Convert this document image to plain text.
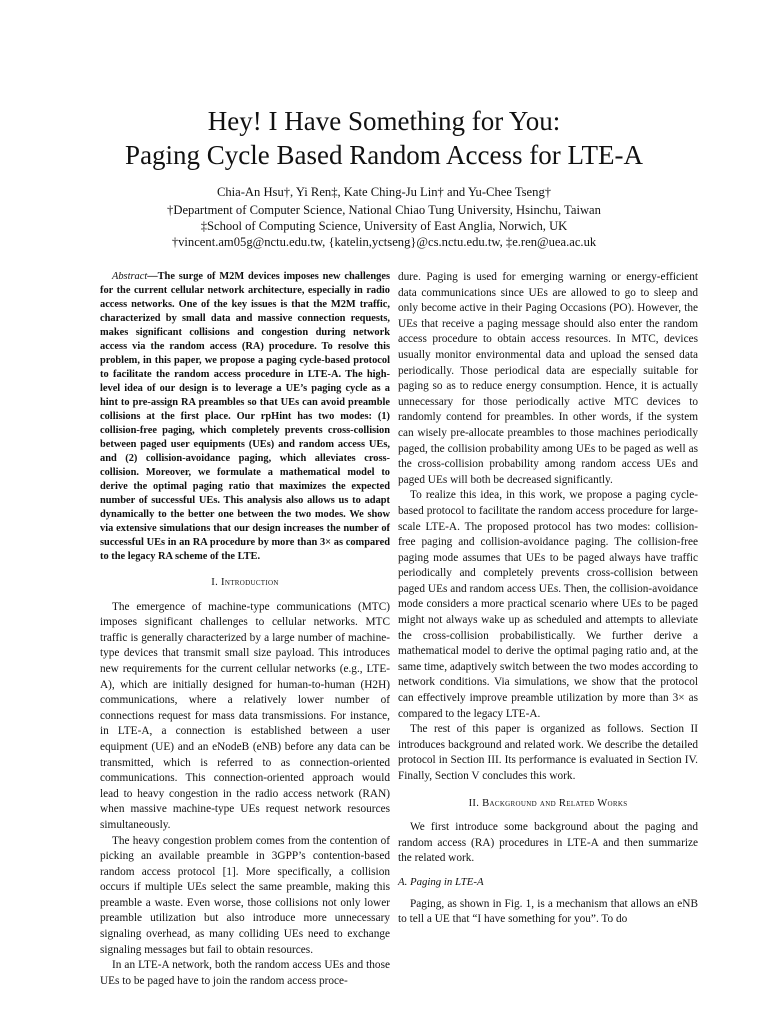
Hey! I Have Something for You:
Paging Cycle Based Random Access for LTE-A
Chia-An Hsu†, Yi Ren‡, Kate Ching-Ju Lin† and Yu-Chee Tseng†
†Department of Computer Science, National Chiao Tung University, Hsinchu, Taiwan
‡School of Computing Science, University of East Anglia, Norwich, UK
†vincent.am05g@nctu.edu.tw, {katelin,yctseng}@cs.nctu.edu.tw, ‡e.ren@uea.ac.uk

Abstract—The surge of M2M devices imposes new challenges for the current cellular network architecture, especially in radio access networks. One of the key issues is that the M2M traffic, characterized by small data and massive connection requests, makes significant collisions and congestion during network access via the random access (RA) procedure. To resolve this problem, in this paper, we propose a paging cycle-based protocol to facilitate the random access procedure in LTE-A. The high-level idea of our design is to leverage a UE’s paging cycle as a hint to pre-assign RA preambles so that UEs can avoid preamble collisions at the first place. Our rpHint has two modes: (1) collision-free paging, which completely prevents cross-collision between paged user equipments (UEs) and random access UEs, and (2) collision-avoidance paging, which alleviates cross-collision. Moreover, we formulate a mathematical model to derive the optimal paging ratio that maximizes the expected number of successful UEs. This analysis also allows us to adapt dynamically to the better one between the two modes. We show via extensive simulations that our design increases the number of successful UEs in an RA procedure by more than 3× as compared to the legacy RA scheme of the LTE.

I. Introduction

The emergence of machine-type communications (MTC) imposes significant challenges to cellular networks. MTC traffic is generally characterized by a large number of machine-type devices that transmit small size payload. This introduces new requirements for the current cellular networks (e.g., LTE-A), which are initially designed for human-to-human (H2H) communications, where a relatively lower number of connections request for mass data transmissions. For instance, in LTE-A, a connection is established between a user equipment (UE) and an eNodeB (eNB) before any data can be transmitted, which is referred to as connection-oriented communications. This connection-oriented approach would lead to heavy congestion in the radio access network (RAN) when massive machine-type UEs request network resources simultaneously.

The heavy congestion problem comes from the contention of picking an available preamble in 3GPP’s contention-based random access protocol [1]. More specifically, a collision occurs if multiple UEs select the same preamble, making this preamble a waste. Even worse, those collisions not only lower preamble utilization but also introduce more unnecessary signaling overhead, as many colliding UEs need to exchange signaling messages but fail to obtain resources.

In an LTE-A network, both the random access UEs and those UEs to be paged have to join the random access proce-

dure. Paging is used for emerging warning or energy-efficient data communications since UEs are allowed to go to sleep and only become active in their Paging Occasions (PO). However, the UEs that receive a paging message should also enter the random access procedure to obtain access resources. In MTC, devices usually monitor environmental data and upload the sensed data periodically. Those periodical data are especially suitable for paging so as to reduce energy consumption. Hence, it is actually unnecessary for those periodically active MTC devices to randomly contend for preambles. In other words, if the system can wisely pre-allocate preambles to those machines periodically paged, the collision probability among UEs to be paged as well as the cross-collision probability among random access UEs and paged UEs will both be decreased significantly.

To realize this idea, in this work, we propose a paging cycle-based protocol to facilitate the random access procedure for large-scale LTE-A. The proposed protocol has two modes: collision-free paging and collision-avoidance paging. The collision-free paging mode assumes that UEs to be paged always have traffic periodically and completely prevents cross-collision between paged UEs and random access UEs. Then, the collision-avoidance mode considers a more practical scenario where UEs to be paged might not always wake up as scheduled and attempts to alleviate the cross-collision probabilistically. We further derive a mathematical model to derive the optimal paging ratio and, at the same time, adaptively switch between the two modes according to network conditions. Via simulations, we show that the protocol can effectively improve preamble utilization by more than 3× as compared to the legacy LTE-A.

The rest of this paper is organized as follows. Section II introduces background and related work. We describe the detailed protocol in Section III. Its performance is evaluated in Section IV. Finally, Section V concludes this work.

II. Background and Related Works

We first introduce some background about the paging and random access (RA) procedures in LTE-A and then summarize the related work.

A. Paging in LTE-A

Paging, as shown in Fig. 1, is a mechanism that allows an eNB to tell a UE that “I have something for you”. To do
